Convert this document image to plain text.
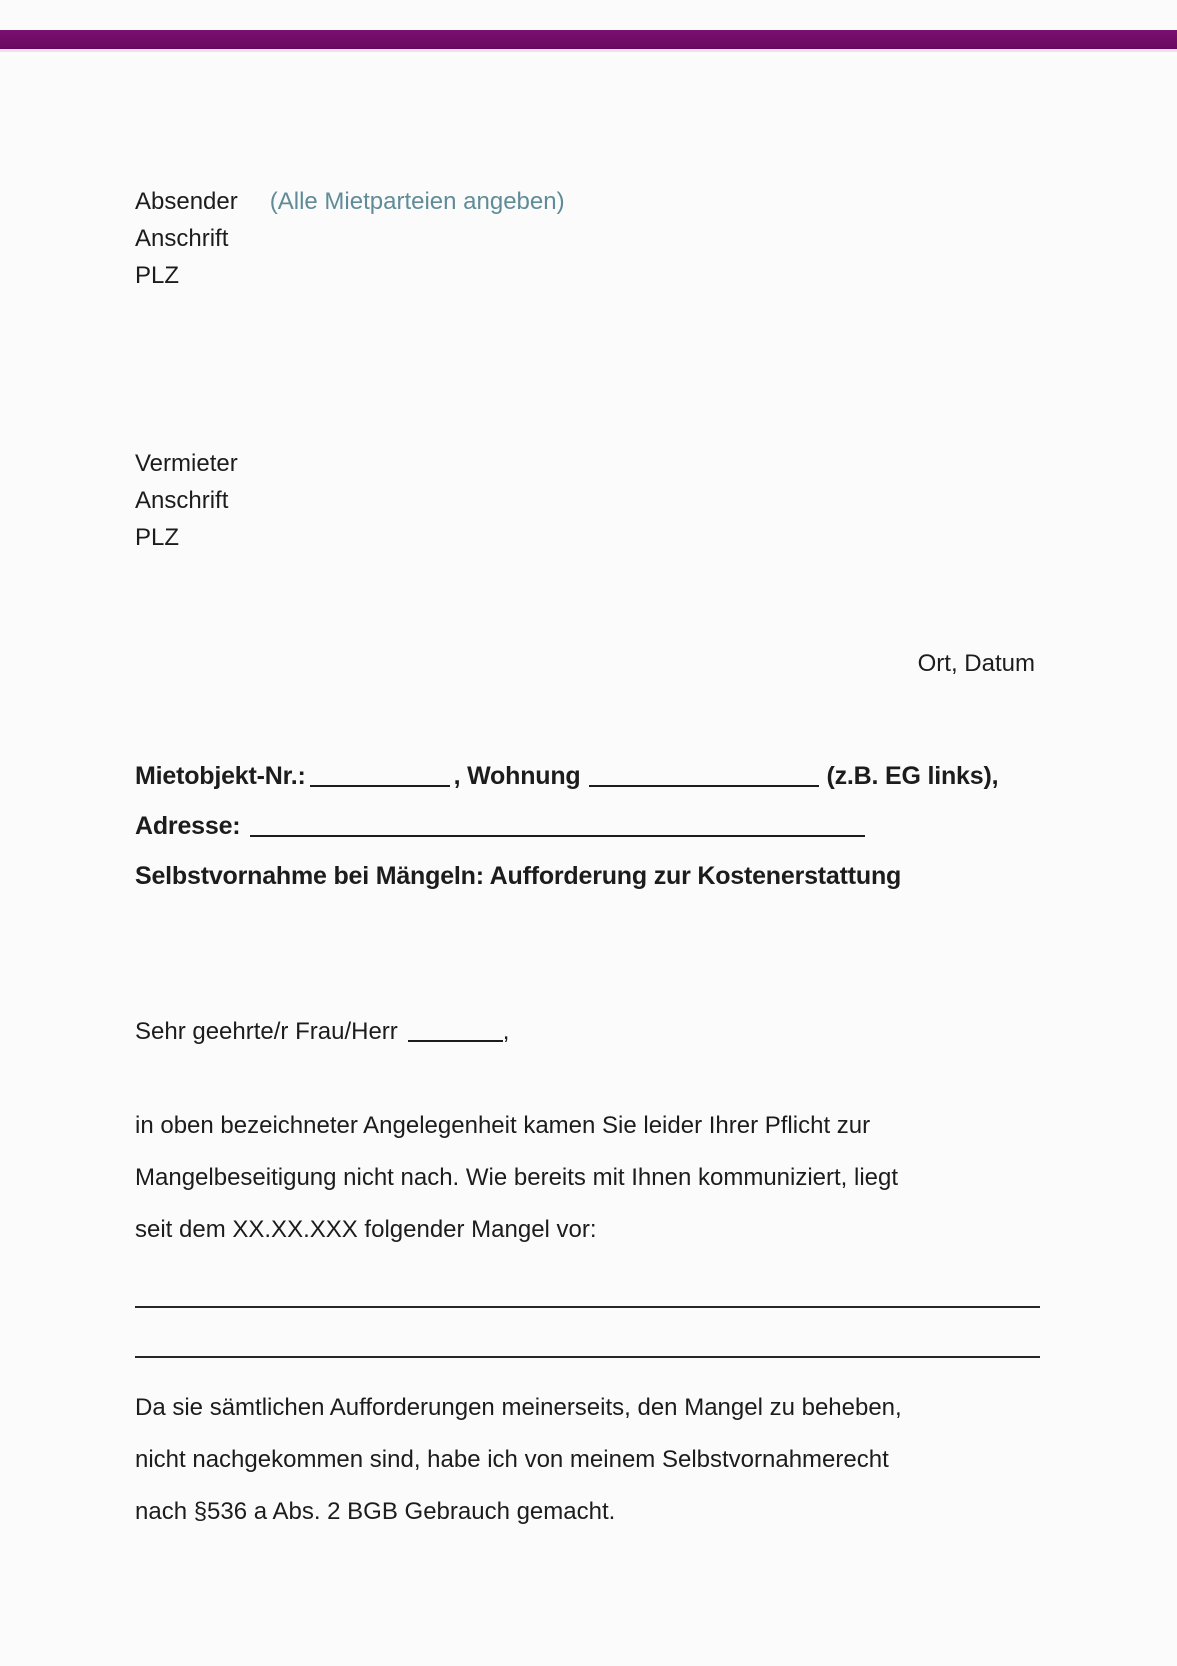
Absender (Alle Mietparteien angeben)
Anschrift
PLZ
Vermieter
Anschrift
PLZ
Ort, Datum
Mietobjekt-Nr.:	, Wohnung	(z.B. EG links),
Adresse:
Selbstvornahme bei Mängeln: Aufforderung zur Kostenerstattung
Sehr geehrte/r Frau/Herr	,
in oben bezeichneter Angelegenheit kamen Sie leider Ihrer Pflicht zur
Mangelbeseitigung nicht nach. Wie bereits mit Ihnen kommuniziert, liegt
seit dem XX.XX.XXX folgender Mangel vor:
Da sie sämtlichen Aufforderungen meinerseits, den Mangel zu beheben,
nicht nachgekommen sind, habe ich von meinem Selbstvornahmerecht
nach §536 a Abs. 2 BGB Gebrauch gemacht.
